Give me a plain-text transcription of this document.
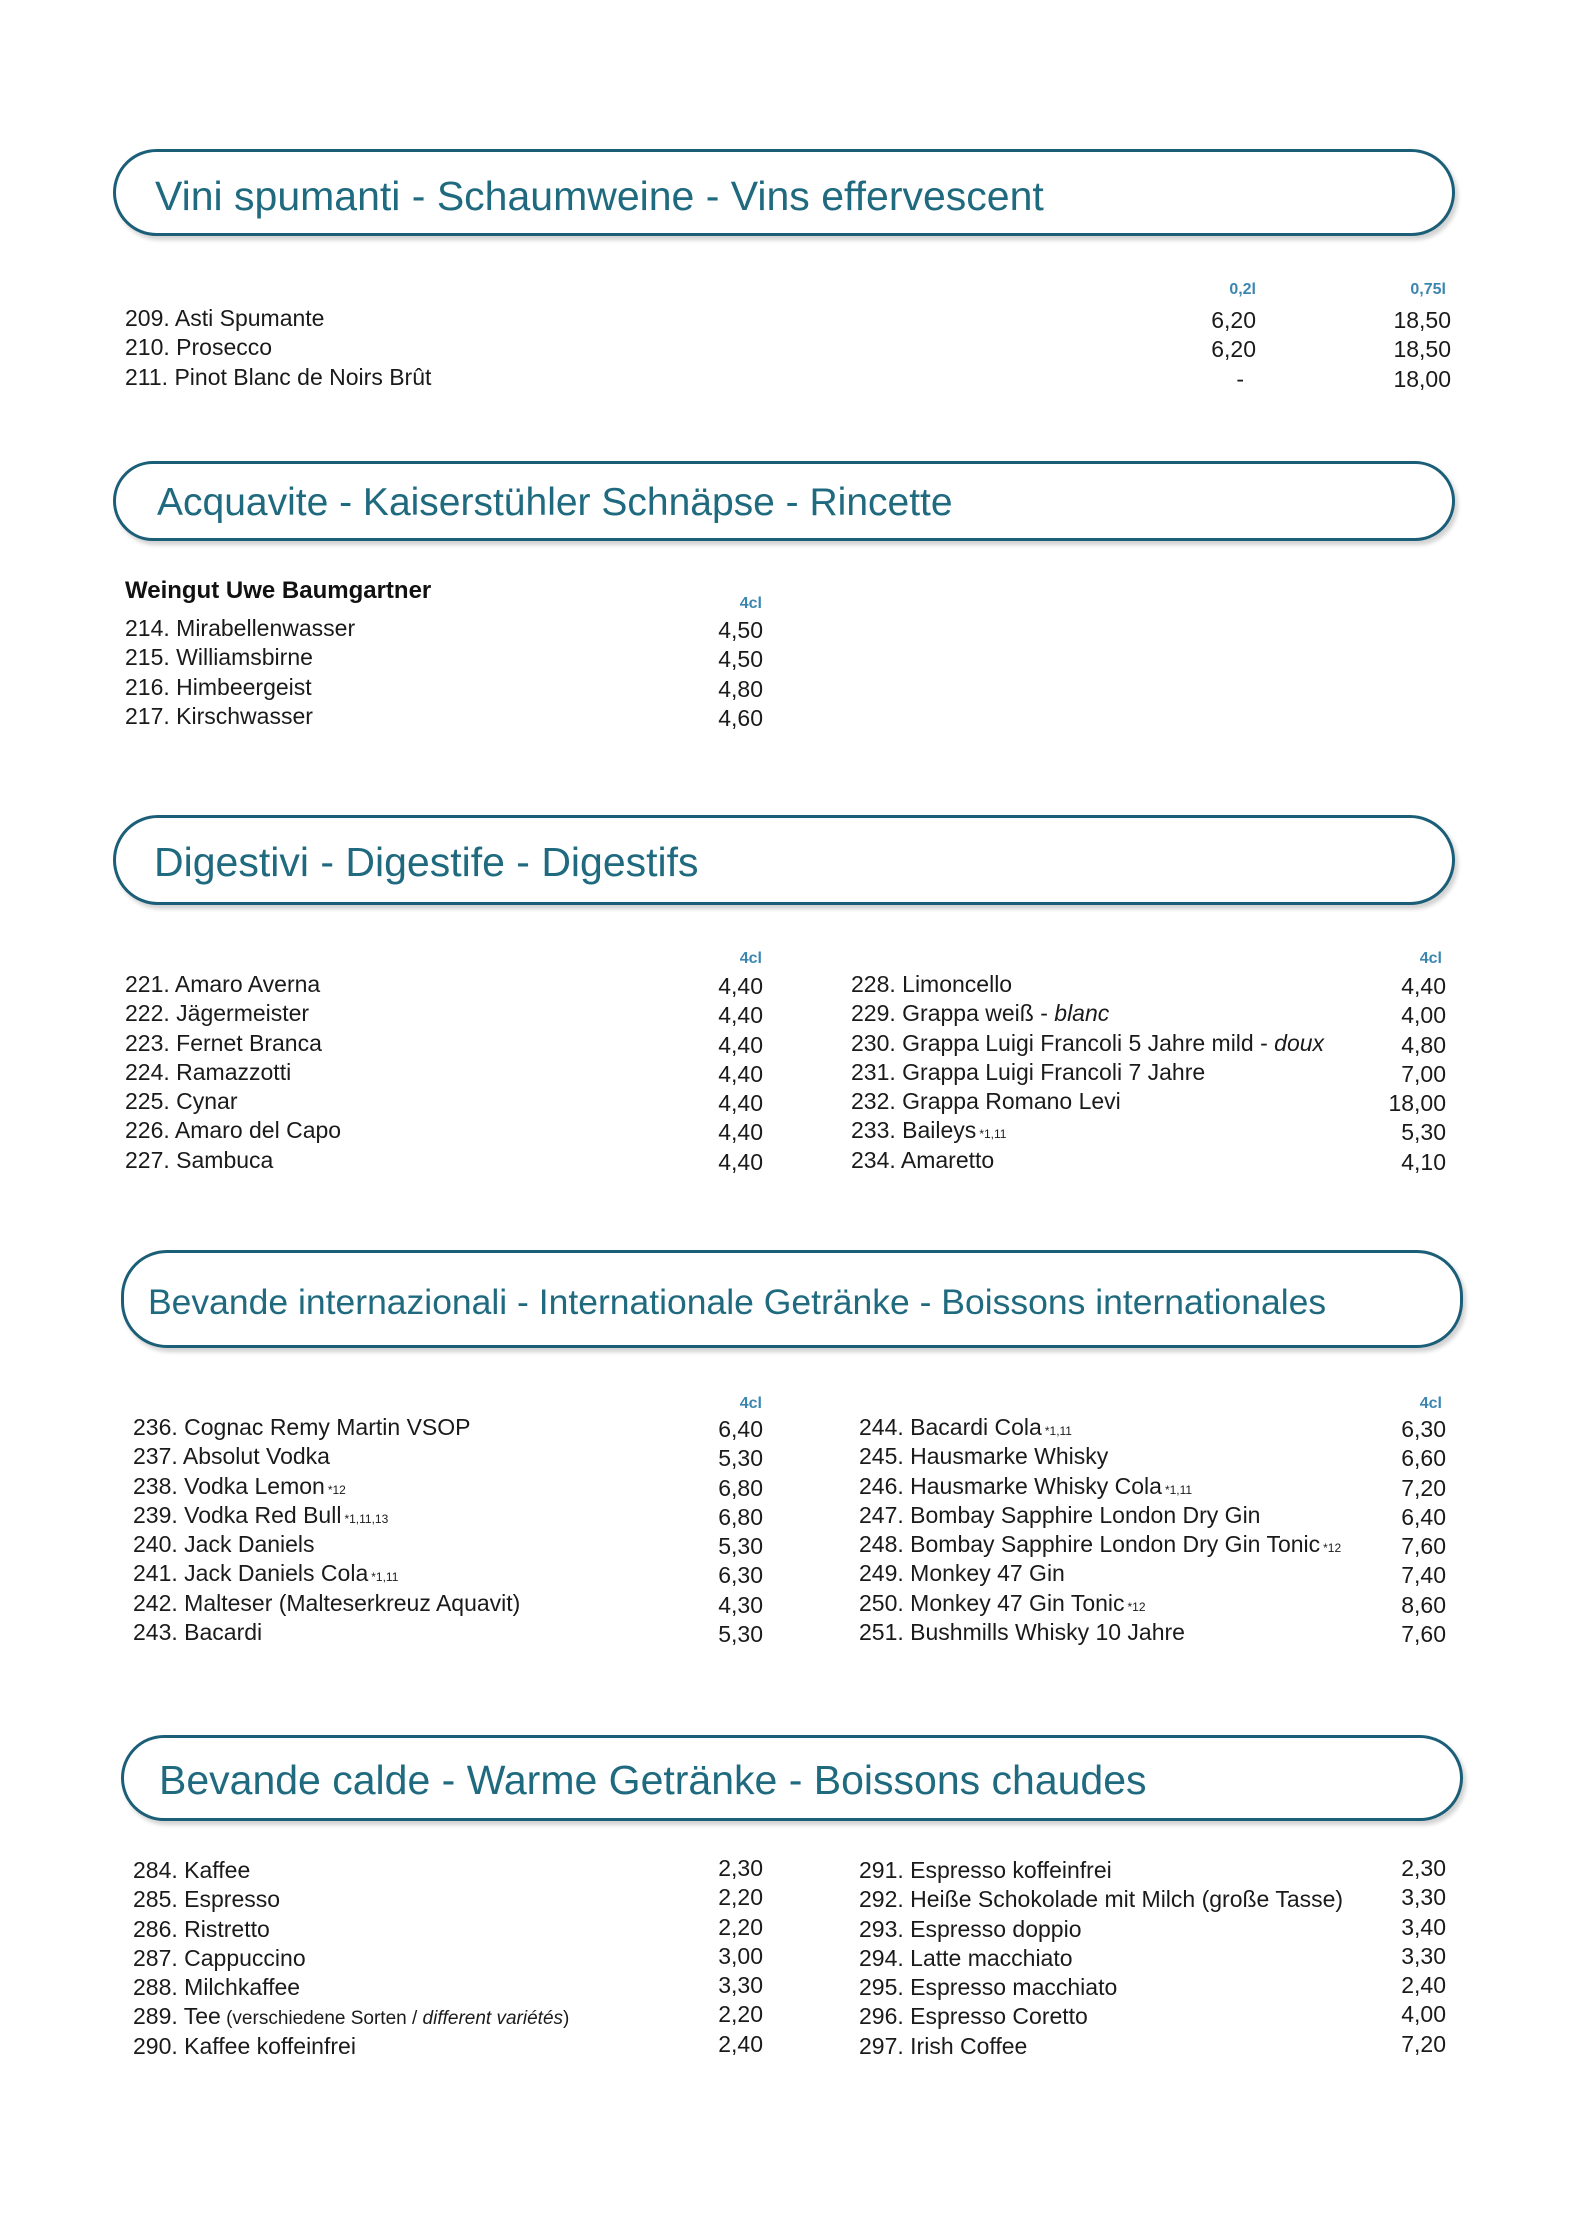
Vini spumanti - Schaumweine - Vins effervescent
0,2l	0,75l
209. Asti Spumante	6,20	18,50
210. Prosecco	6,20	18,50
211. Pinot Blanc de Noirs Brût	-	18,00
Acquavite - Kaiserstühler Schnäpse - Rincette
Weingut Uwe Baumgartner	4cl
214. Mirabellenwasser	4,50
215. Williamsbirne	4,50
216. Himbeergeist	4,80
217. Kirschwasser	4,60
Digestivi - Digestife - Digestifs
4cl	4cl
221. Amaro Averna	4,40
222. Jägermeister	4,40
223. Fernet Branca	4,40
224. Ramazzotti	4,40
225. Cynar	4,40
226. Amaro del Capo	4,40
227. Sambuca	4,40
228. Limoncello	4,40
229. Grappa weiß - blanc	4,00
230. Grappa Luigi Francoli 5 Jahre mild - doux	4,80
231. Grappa Luigi Francoli 7 Jahre	7,00
232. Grappa Romano Levi	18,00
233. Baileys *1,11	5,30
234. Amaretto	4,10
Bevande internazionali - Internationale Getränke - Boissons internationales
4cl	4cl
236. Cognac Remy Martin VSOP	6,40
237. Absolut Vodka	5,30
238. Vodka Lemon *12	6,80
239. Vodka Red Bull *1,11,13	6,80
240. Jack Daniels	5,30
241. Jack Daniels Cola *1,11	6,30
242. Malteser (Malteserkreuz Aquavit)	4,30
243. Bacardi	5,30
244. Bacardi Cola *1,11	6,30
245. Hausmarke Whisky	6,60
246. Hausmarke Whisky Cola *1,11	7,20
247. Bombay Sapphire London Dry Gin	6,40
248. Bombay Sapphire London Dry Gin Tonic *12	7,60
249. Monkey 47 Gin	7,40
250. Monkey 47 Gin Tonic *12	8,60
251. Bushmills Whisky 10 Jahre	7,60
Bevande calde - Warme Getränke - Boissons chaudes
284. Kaffee	2,30
285. Espresso	2,20
286. Ristretto	2,20
287. Cappuccino	3,00
288. Milchkaffee	3,30
289. Tee (verschiedene Sorten / different variétés)	2,20
290. Kaffee koffeinfrei	2,40
291. Espresso koffeinfrei	2,30
292. Heiße Schokolade mit Milch (große Tasse)	3,30
293. Espresso doppio	3,40
294. Latte macchiato	3,30
295. Espresso macchiato	2,40
296. Espresso Coretto	4,00
297. Irish Coffee	7,20
